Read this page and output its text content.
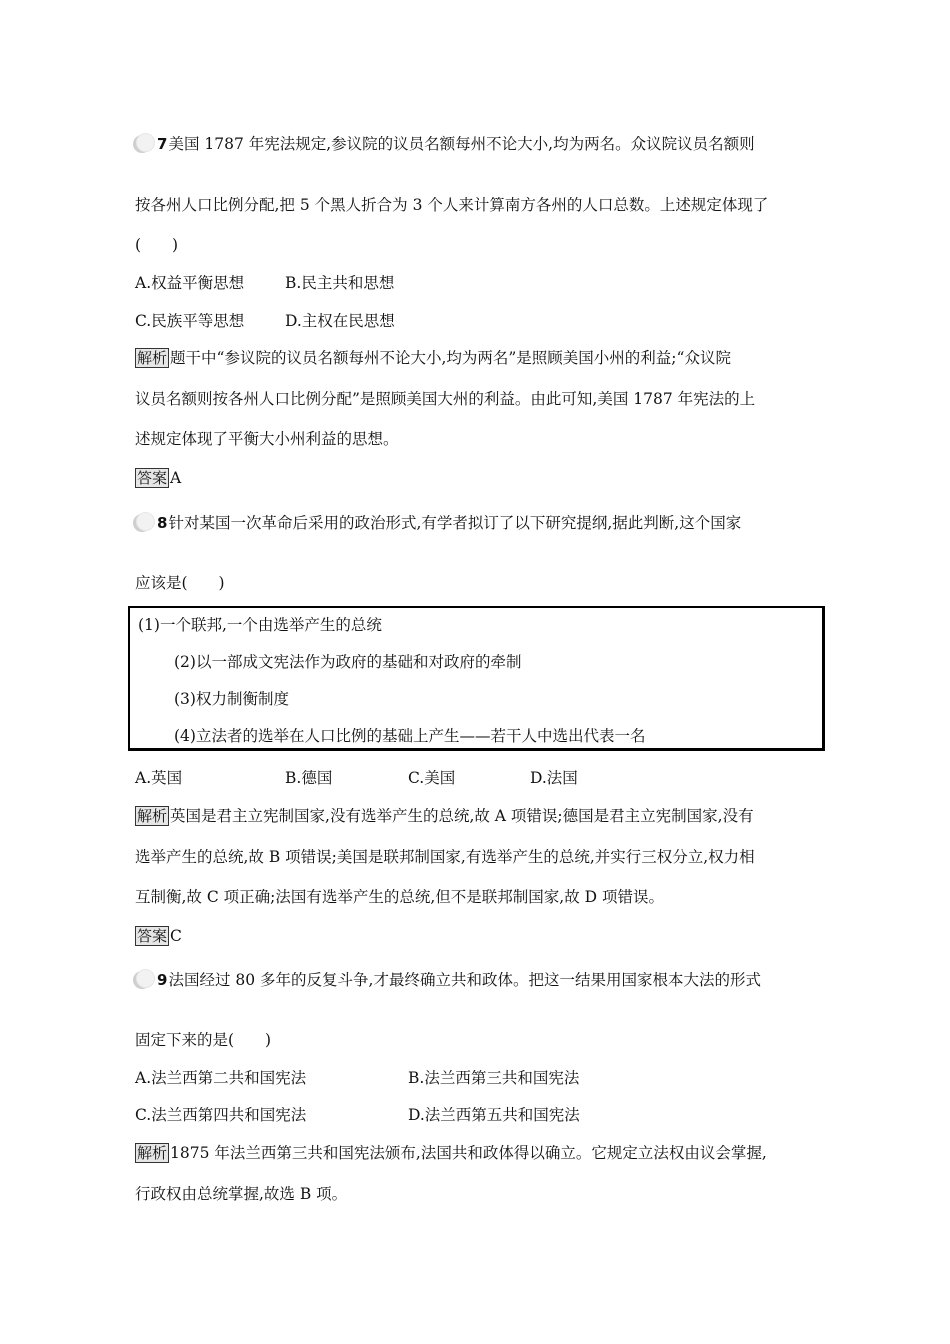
7 美国 1787 年宪法规定,参议院的议员名额每州不论大小,均为两名。众议院议员名额则
按各州人口比例分配,把 5 个黑人折合为 3 个人来计算南方各州的人口总数。上述规定体现了
(　　)
A.权益平衡思想	B.民主共和思想
C.民族平等思想	D.主权在民思想
解析 题干中“参议院的议员名额每州不论大小,均为两名”是照顾美国小州的利益;“众议院
议员名额则按各州人口比例分配”是照顾美国大州的利益。由此可知,美国 1787 年宪法的上
述规定体现了平衡大小州利益的思想。
答案 A
8 针对某国一次革命后采用的政治形式,有学者拟订了以下研究提纲,据此判断,这个国家
应该是(　　)
(1)一个联邦,一个由选举产生的总统
(2)以一部成文宪法作为政府的基础和对政府的牵制
(3)权力制衡制度
(4)立法者的选举在人口比例的基础上产生——若干人中选出代表一名
A.英国	B.德国	C.美国	D.法国
解析 英国是君主立宪制国家,没有选举产生的总统,故 A 项错误;德国是君主立宪制国家,没有
选举产生的总统,故 B 项错误;美国是联邦制国家,有选举产生的总统,并实行三权分立,权力相
互制衡,故 C 项正确;法国有选举产生的总统,但不是联邦制国家,故 D 项错误。
答案 C
9 法国经过 80 多年的反复斗争,才最终确立共和政体。把这一结果用国家根本大法的形式
固定下来的是(　　)
A.法兰西第二共和国宪法	B.法兰西第三共和国宪法
C.法兰西第四共和国宪法	D.法兰西第五共和国宪法
解析 1875 年法兰西第三共和国宪法颁布,法国共和政体得以确立。它规定立法权由议会掌握,
行政权由总统掌握,故选 B 项。
